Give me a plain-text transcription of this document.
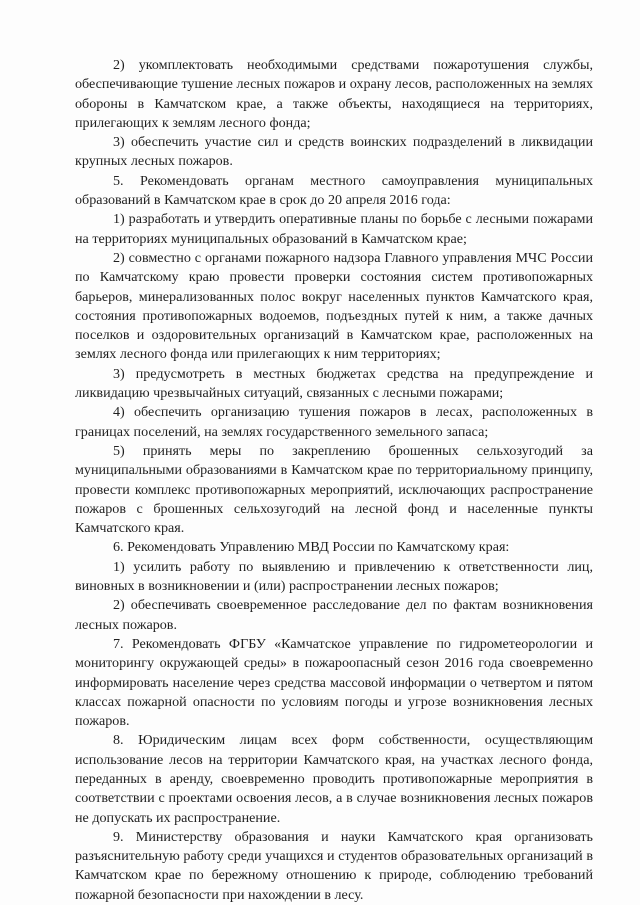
2) укомплектовать необходимыми средствами пожаротушения службы, обеспечивающие тушение лесных пожаров и охрану лесов, расположенных на землях обороны в Камчатском крае, а также объекты, находящиеся на территориях, прилегающих к землям лесного фонда;

3) обеспечить участие сил и средств воинских подразделений в ликвидации крупных лесных пожаров.

5. Рекомендовать органам местного самоуправления муниципальных образований в Камчатском крае в срок до 20 апреля 2016 года:

1) разработать и утвердить оперативные планы по борьбе с лесными пожарами на территориях муниципальных образований в Камчатском крае;

2) совместно с органами пожарного надзора Главного управления МЧС России по Камчатскому краю провести проверки состояния систем противопожарных барьеров, минерализованных полос вокруг населенных пунктов Камчатского края, состояния противопожарных водоемов, подъездных путей к ним, а также дачных поселков и оздоровительных организаций в Камчатском крае, расположенных на землях лесного фонда или прилегающих к ним территориях;

3) предусмотреть в местных бюджетах средства на предупреждение и ликвидацию чрезвычайных ситуаций, связанных с лесными пожарами;

4) обеспечить организацию тушения пожаров в лесах, расположенных в границах поселений, на землях государственного земельного запаса;

5) принять меры по закреплению брошенных сельхозугодий за муниципальными образованиями в Камчатском крае по территориальному принципу, провести комплекс противопожарных мероприятий, исключающих распространение пожаров с брошенных сельхозугодий на лесной фонд и населенные пункты Камчатского края.

6. Рекомендовать Управлению МВД России по Камчатскому края:

1) усилить работу по выявлению и привлечению к ответственности лиц, виновных в возникновении и (или) распространении лесных пожаров;

2) обеспечивать своевременное расследование дел по фактам возникновения лесных пожаров.

7. Рекомендовать ФГБУ «Камчатское управление по гидрометеорологии и мониторингу окружающей среды» в пожароопасный сезон 2016 года своевременно информировать население через средства массовой информации о четвертом и пятом классах пожарной опасности по условиям погоды и угрозе возникновения лесных пожаров.

8. Юридическим лицам всех форм собственности, осуществляющим использование лесов на территории Камчатского края, на участках лесного фонда, переданных в аренду, своевременно проводить противопожарные мероприятия в соответствии с проектами освоения лесов, а в случае возникновения лесных пожаров не допускать их распространение.

9. Министерству образования и науки Камчатского края организовать разъяснительную работу среди учащихся и студентов образовательных организаций в Камчатском крае по бережному отношению к природе, соблюдению требований пожарной безопасности при нахождении в лесу.
